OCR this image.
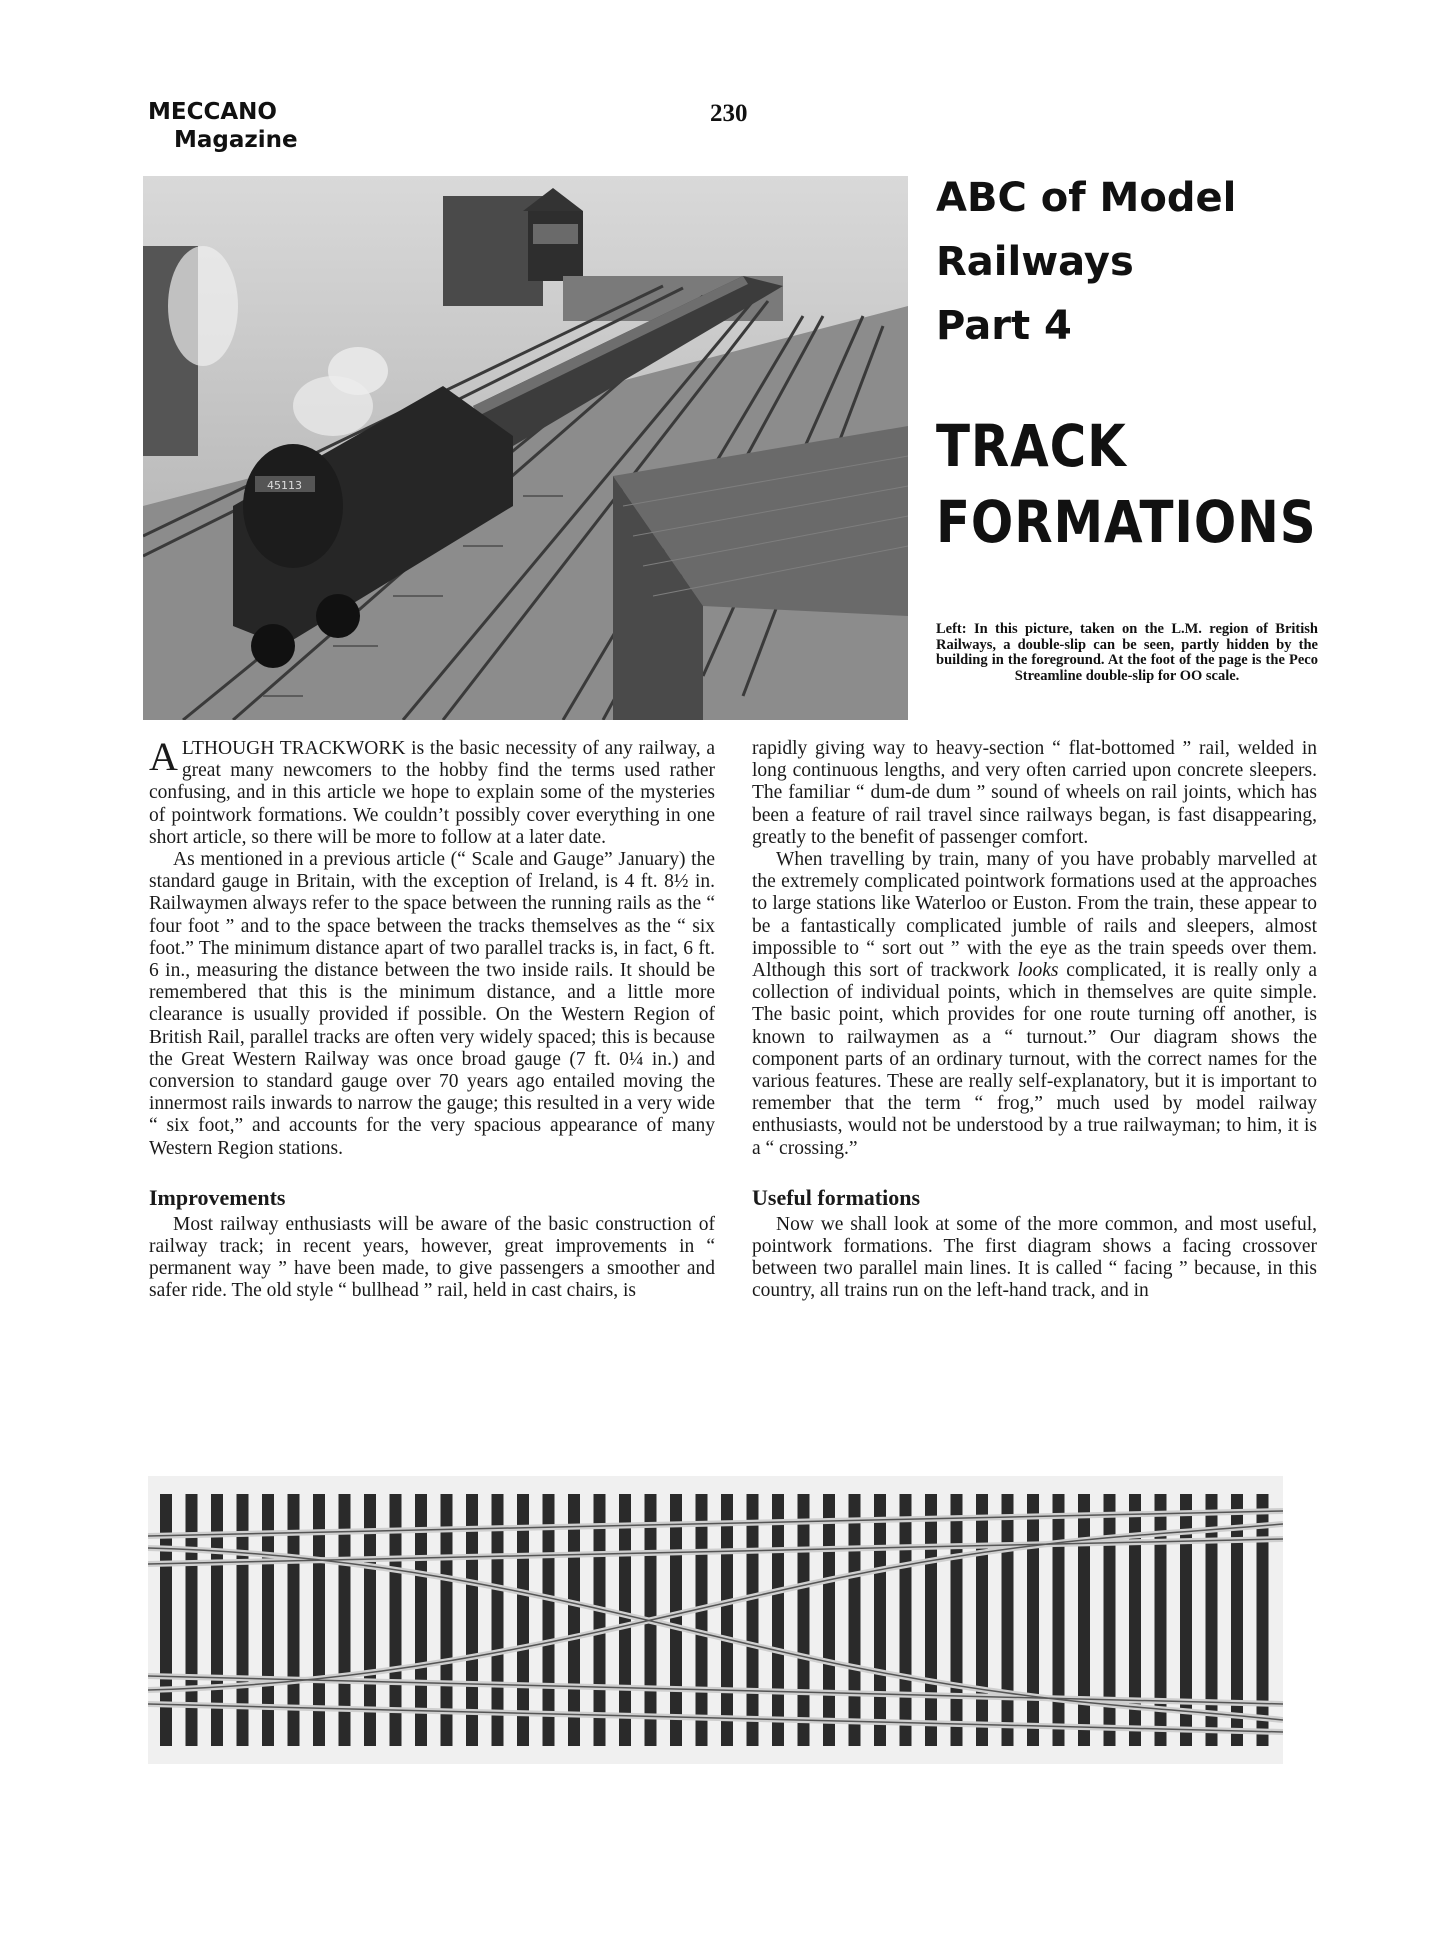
MECCANO
Magazine
230
45113
ABC of Model
Railways
Part 4
TRACK
FORMATIONS
Left: In this picture, taken on the L.M. region of British Railways, a double-slip can be seen, partly hidden by the building in the foreground. At the foot of the page is the Peco Streamline double-slip for OO scale.

ALTHOUGH TRACKWORK is the basic necessity of any railway, a great many newcomers to the hobby find the terms used rather confusing, and in this article we hope to explain some of the mysteries of pointwork formations. We couldn’t possibly cover everything in one short article, so there will be more to follow at a later date.

As mentioned in a previous article (“ Scale and Gauge” January) the standard gauge in Britain, with the exception of Ireland, is 4 ft. 8½ in. Railwaymen always refer to the space between the running rails as the “ four foot ” and to the space between the tracks themselves as the “ six foot.” The minimum distance apart of two parallel tracks is, in fact, 6 ft. 6 in., measuring the distance between the two inside rails. It should be remembered that this is the minimum distance, and a little more clearance is usually provided if possible. On the Western Region of British Rail, parallel tracks are often very widely spaced; this is because the Great Western Railway was once broad gauge (7 ft. 0¼ in.) and conversion to standard gauge over 70 years ago entailed moving the innermost rails inwards to narrow the gauge; this resulted in a very wide “ six foot,” and accounts for the very spacious appearance of many Western Region stations.

Improvements

Most railway enthusiasts will be aware of the basic construction of railway track; in recent years, however, great improvements in “ permanent way ” have been made, to give passengers a smoother and safer ride. The old style “ bullhead ” rail, held in cast chairs, is

rapidly giving way to heavy-section “ flat-bottomed ” rail, welded in long continuous lengths, and very often carried upon concrete sleepers. The familiar “ dum-de dum ” sound of wheels on rail joints, which has been a feature of rail travel since railways began, is fast disappearing, greatly to the benefit of passenger comfort.

When travelling by train, many of you have probably marvelled at the extremely complicated pointwork formations used at the approaches to large stations like Waterloo or Euston. From the train, these appear to be a fantastically complicated jumble of rails and sleepers, almost impossible to “ sort out ” with the eye as the train speeds over them. Although this sort of trackwork looks complicated, it is really only a collection of individual points, which in themselves are quite simple. The basic point, which provides for one route turning off another, is known to railwaymen as a “ turnout.” Our diagram shows the component parts of an ordinary turnout, with the correct names for the various features. These are really self-explanatory, but it is important to remember that the term “ frog,” much used by model railway enthusiasts, would not be understood by a true railwayman; to him, it is a “ crossing.”

Useful formations

Now we shall look at some of the more common, and most useful, pointwork formations. The first diagram shows a facing crossover between two parallel main lines. It is called “ facing ” because, in this country, all trains run on the left-hand track, and in
